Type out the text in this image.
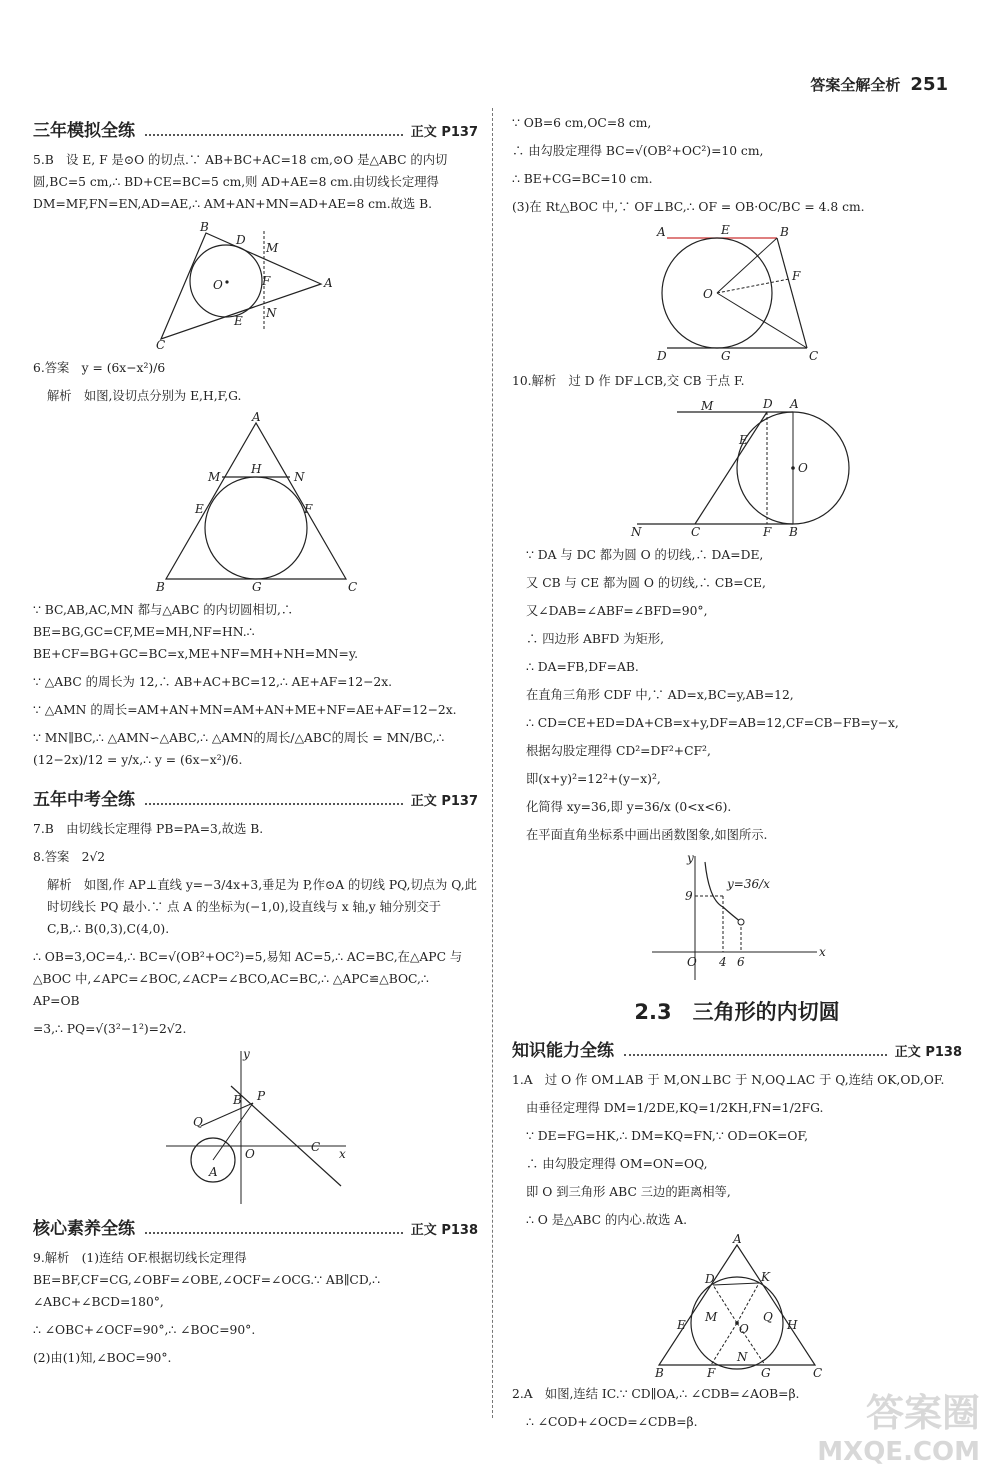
答案全解全析 251
三年模拟全练	正文 P137

5.B　设 E, F 是⊙O 的切点.∵ AB+BC+AC=18 cm,⊙O 是△ABC 的内切圆,BC=5 cm,∴ BD+CE=BC=5 cm,则 AD+AE=8 cm.由切线长定理得 DM=MF,FN=EN,AD=AE,∴ AM+AN+MN=AD+AE=8 cm.故选 B.

B
D
M
O	F	A
N
E
C

6.答案　y = (6x−x²)/6

解析　如图,设切点分别为 E,H,F,G.

A
M
H
N
E	F
B	G	C

∵ BC,AB,AC,MN 都与△ABC 的内切圆相切,∴ BE=BG,GC=CF,ME=MH,NF=HN.∴ BE+CF=BG+GC=BC=x,ME+NF=MH+NH=MN=y.

∵ △ABC 的周长为 12,∴ AB+AC+BC=12,∴ AE+AF=12−2x.

∵ △AMN 的周长=AM+AN+MN=AM+AN+ME+NF=AE+AF=12−2x.

∵ MN∥BC,∴ △AMN∽△ABC,∴ △AMN的周长/△ABC的周长 = MN/BC,∴ (12−2x)/12 = y/x,∴ y = (6x−x²)/6.

五年中考全练	正文 P137

7.B　由切线长定理得 PB=PA=3,故选 B.

8.答案　2√2

解析　如图,作 AP⊥直线 y=−3/4x+3,垂足为 P,作⊙A 的切线 PQ,切点为 Q,此时切线长 PQ 最小.∵ 点 A 的坐标为(−1,0),设直线与 x 轴,y 轴分别交于 C,B,∴ B(0,3),C(4,0).

∴ OB=3,OC=4,∴ BC=√(OB²+OC²)=5,易知 AC=5,∴ AC=BC,在△APC 与△BOC 中,∠APC=∠BOC,∠ACP=∠BCO,AC=BC,∴ △APC≌△BOC,∴ AP=OB

=3,∴ PQ=√(3²−1²)=2√2.

y
x
B P
Q
O	C
A
核心素养全练	正文 P138

9.解析　(1)连结 OF.根据切线长定理得 BE=BF,CF=CG,∠OBF=∠OBE,∠OCF=∠OCG.∵ AB∥CD,∴ ∠ABC+∠BCD=180°,

∴ ∠OBC+∠OCF=90°,∴ ∠BOC=90°.

(2)由(1)知,∠BOC=90°.

∵ OB=6 cm,OC=8 cm,

∴ 由勾股定理得 BC=√(OB²+OC²)=10 cm,

∴ BE+CG=BC=10 cm.

(3)在 Rt△BOC 中,∵ OF⊥BC,∴ OF = OB·OC/BC = 4.8 cm.

A	E	B
O
F
D	G	C

10.解析　过 D 作 DF⊥CB,交 CB 于点 F.

M	D A
E
O
N	C	F B

∵ DA 与 DC 都为圆 O 的切线,∴ DA=DE,

又 CB 与 CE 都为圆 O 的切线,∴ CB=CE,

又∠DAB=∠ABF=∠BFD=90°,

∴ 四边形 ABFD 为矩形,

∴ DA=FB,DF=AB.

在直角三角形 CDF 中,∵ AD=x,BC=y,AB=12,

∴ CD=CE+ED=DA+CB=x+y,DF=AB=12,CF=CB−FB=y−x,

根据勾股定理得 CD²=DF²+CF²,

即(x+y)²=12²+(y−x)²,

化简得 xy=36,即 y=36/x (0<x<6).

在平面直角坐标系中画出函数图象,如图所示.

y
9
x
O 4 6
y=36/x
2.3　三角形的内切圆
知识能力全练	正文 P138

1.A　过 O 作 OM⊥AB 于 M,ON⊥BC 于 N,OQ⊥AC 于 Q,连结 OK,OD,OF.

由垂径定理得 DM=1/2DE,KQ=1/2KH,FN=1/2FG.

∵ DE=FG=HK,∴ DM=KQ=FN,∵ OD=OK=OF,

∴ 由勾股定理得 OM=ON=OQ,

即 O 到三角形 ABC 三边的距离相等,

∴ O 是△ABC 的内心.故选 A.

A
D	K
E
M
O
Q
H
N
B	F	G	C

2.A　如图,连结 IC.∵ CD∥OA,∴ ∠CDB=∠AOB=β.

∴ ∠COD+∠OCD=∠CDB=β.	答案圈
MXQE.COM
